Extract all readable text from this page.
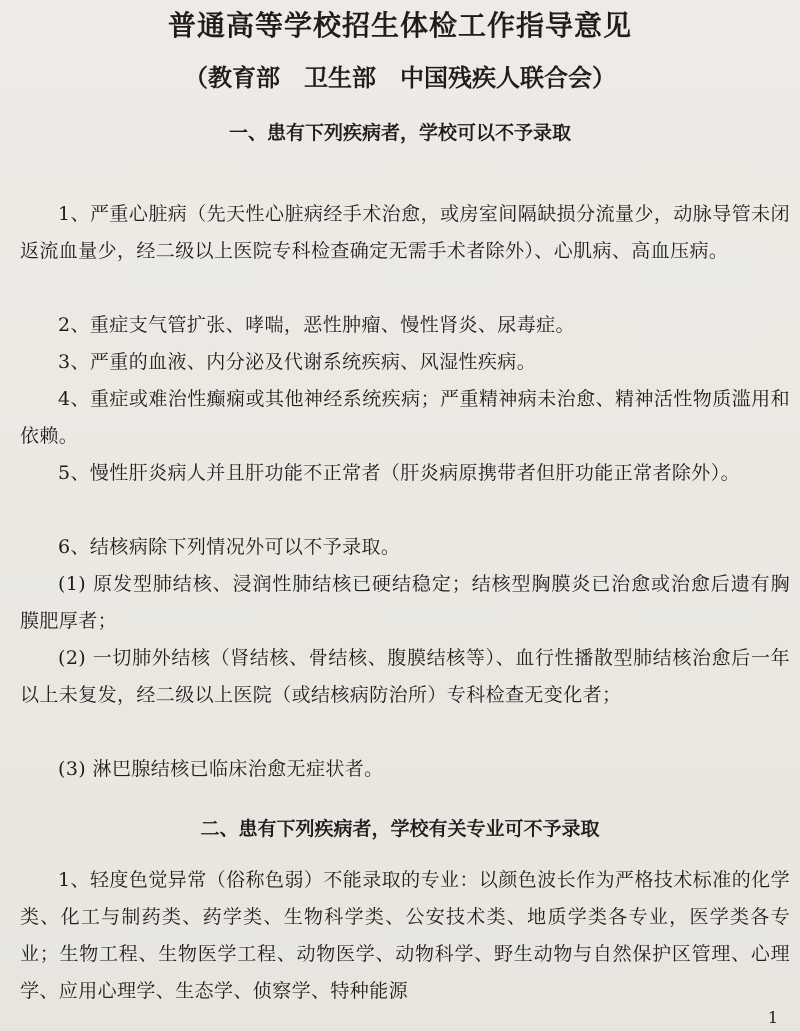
普通高等学校招生体检工作指导意见
（教育部　卫生部　中国残疾人联合会）
一、患有下列疾病者，学校可以不予录取
1、严重心脏病（先天性心脏病经手术治愈，或房室间隔缺损分流量少，动脉导管未闭返流血量少，经二级以上医院专科检查确定无需手术者除外）、心肌病、高血压病。
2、重症支气管扩张、哮喘，恶性肿瘤、慢性肾炎、尿毒症。
3、严重的血液、内分泌及代谢系统疾病、风湿性疾病。
4、重症或难治性癫痫或其他神经系统疾病；严重精神病未治愈、精神活性物质滥用和依赖。
5、慢性肝炎病人并且肝功能不正常者（肝炎病原携带者但肝功能正常者除外）。
6、结核病除下列情况外可以不予录取。
(1) 原发型肺结核、浸润性肺结核已硬结稳定；结核型胸膜炎已治愈或治愈后遗有胸膜肥厚者；
(2) 一切肺外结核（肾结核、骨结核、腹膜结核等）、血行性播散型肺结核治愈后一年以上未复发，经二级以上医院（或结核病防治所）专科检查无变化者；
(3) 淋巴腺结核已临床治愈无症状者。
二、患有下列疾病者，学校有关专业可不予录取
1、轻度色觉异常（俗称色弱）不能录取的专业：以颜色波长作为严格技术标准的化学类、化工与制药类、药学类、生物科学类、公安技术类、地质学类各专业，医学类各专业；生物工程、生物医学工程、动物医学、动物科学、野生动物与自然保护区管理、心理学、应用心理学、生态学、侦察学、特种能源
1
